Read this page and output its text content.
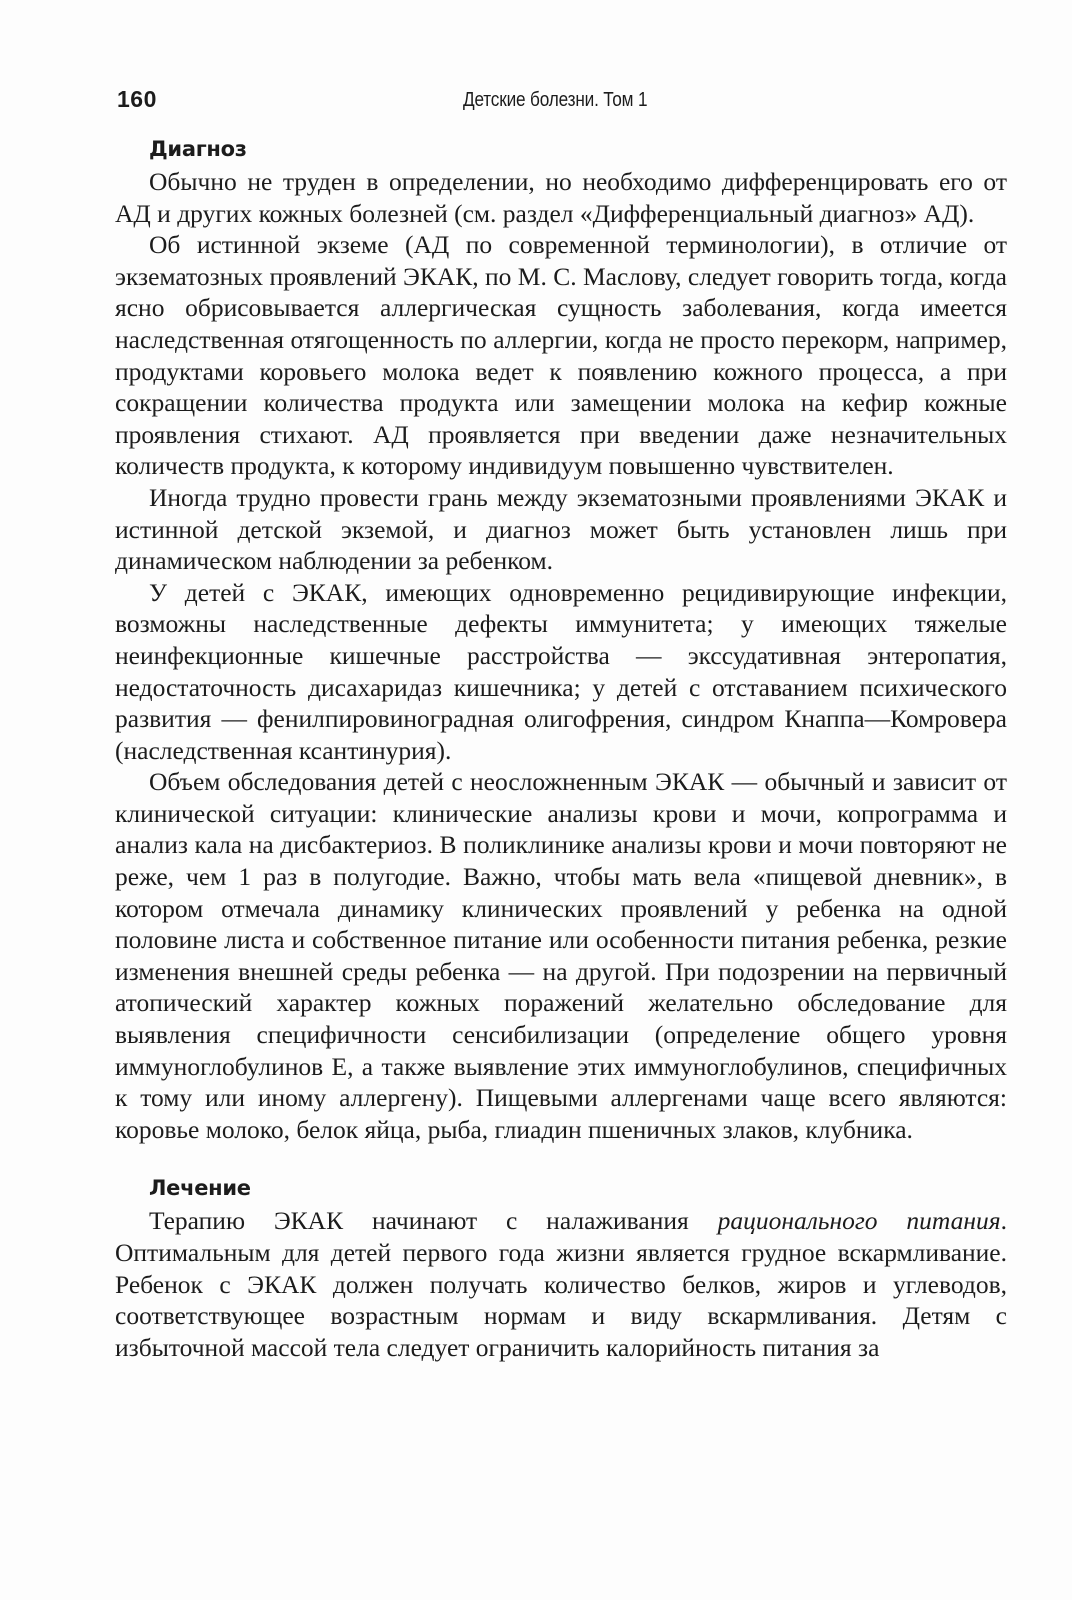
160	Детские болезни. Том 1
Диагноз

Обычно не труден в определении, но необходимо дифференцировать его от АД и других кожных болезней (см. раздел «Дифференциальный диагноз» АД).

Об истинной экземе (АД по современной терминологии), в отличие от экзематозных проявлений ЭКАК, по М. С. Маслову, следует говорить тогда, когда ясно обрисовывается аллергическая сущность заболевания, когда имеется наследственная отягощенность по аллергии, когда не просто перекорм, например, продуктами коровьего молока ведет к появлению кожного процесса, а при сокращении количества продукта или замещении молока на кефир кожные проявления стихают. АД проявляется при введении даже незначительных количеств продукта, к которому индивидуум повышенно чувствителен.

Иногда трудно провести грань между экзематозными проявлениями ЭКАК и истинной детской экземой, и диагноз может быть установлен лишь при динамическом наблюдении за ребенком.

У детей с ЭКАК, имеющих одновременно рецидивирующие инфекции, возможны наследственные дефекты иммунитета; у имеющих тяжелые неинфекционные кишечные расстройства — экссудативная энтеропатия, недостаточность дисахаридаз кишечника; у детей с отставанием психического развития — фенилпировиноградная олигофрения, синдром Кнаппа—Комровера (наследственная ксантинурия).

Объем обследования детей с неосложненным ЭКАК — обычный и зависит от клинической ситуации: клинические анализы крови и мочи, копрограмма и анализ кала на дисбактериоз. В поликлинике анализы крови и мочи повторяют не реже, чем 1 раз в полугодие. Важно, чтобы мать вела «пищевой дневник», в котором отмечала динамику клинических проявлений у ребенка на одной половине листа и собственное питание или особенности питания ребенка, резкие изменения внешней среды ребенка — на другой. При подозрении на первичный атопический характер кожных поражений желательно обследование для выявления специфичности сенсибилизации (определение общего уровня иммуноглобулинов E, а также выявление этих иммуноглобулинов, специфичных к тому или иному аллергену). Пищевыми аллергенами чаще всего являются: коровье молоко, белок яйца, рыба, глиадин пшеничных злаков, клубника.

Лечение

Терапию ЭКАК начинают с налаживания рационального питания. Оптимальным для детей первого года жизни является грудное вскармливание. Ребенок с ЭКАК должен получать количество белков, жиров и углеводов, соответствующее возрастным нормам и виду вскармливания. Детям с избыточной массой тела следует ограничить калорийность питания за
